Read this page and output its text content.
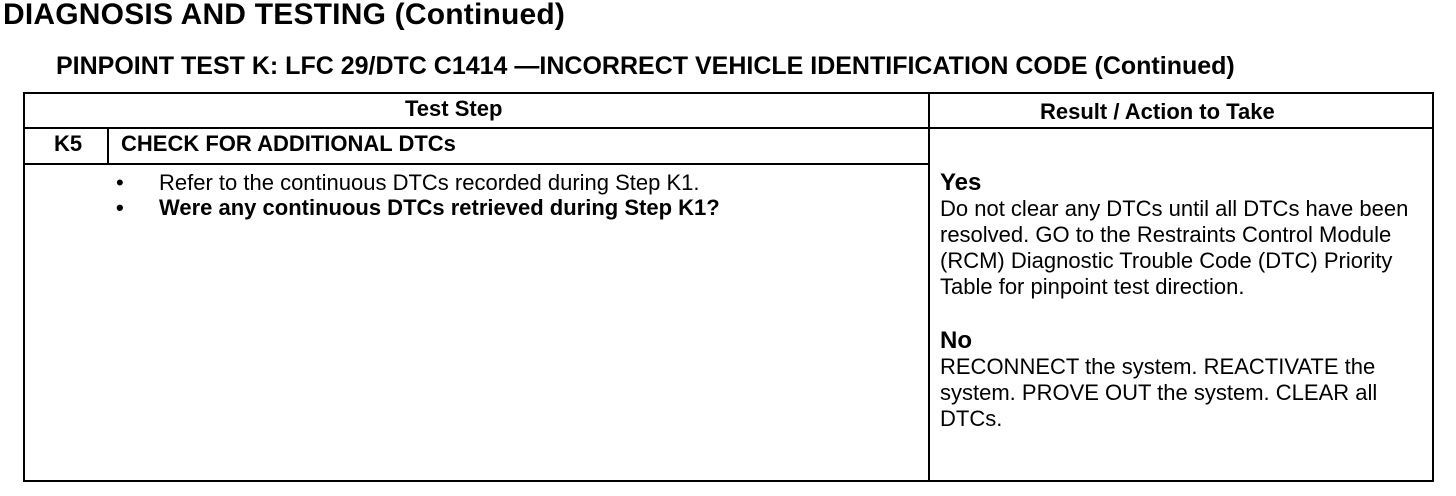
DIAGNOSIS AND TESTING (Continued)
PINPOINT TEST K: LFC 29/DTC C1414 —INCORRECT VEHICLE IDENTIFICATION CODE (Continued)
Test Step	Result / Action to Take
K5 CHECK FOR ADDITIONAL DTCs
• Refer to the continuous DTCs recorded during Step K1.
• Were any continuous DTCs retrieved during Step K1?
Yes

Do not clear any DTCs until all DTCs have been resolved. GO to the Restraints Control Module (RCM) Diagnostic Trouble Code (DTC) Priority Table for pinpoint test direction.

No

RECONNECT the system. REACTIVATE the system. PROVE OUT the system. CLEAR all DTCs.
